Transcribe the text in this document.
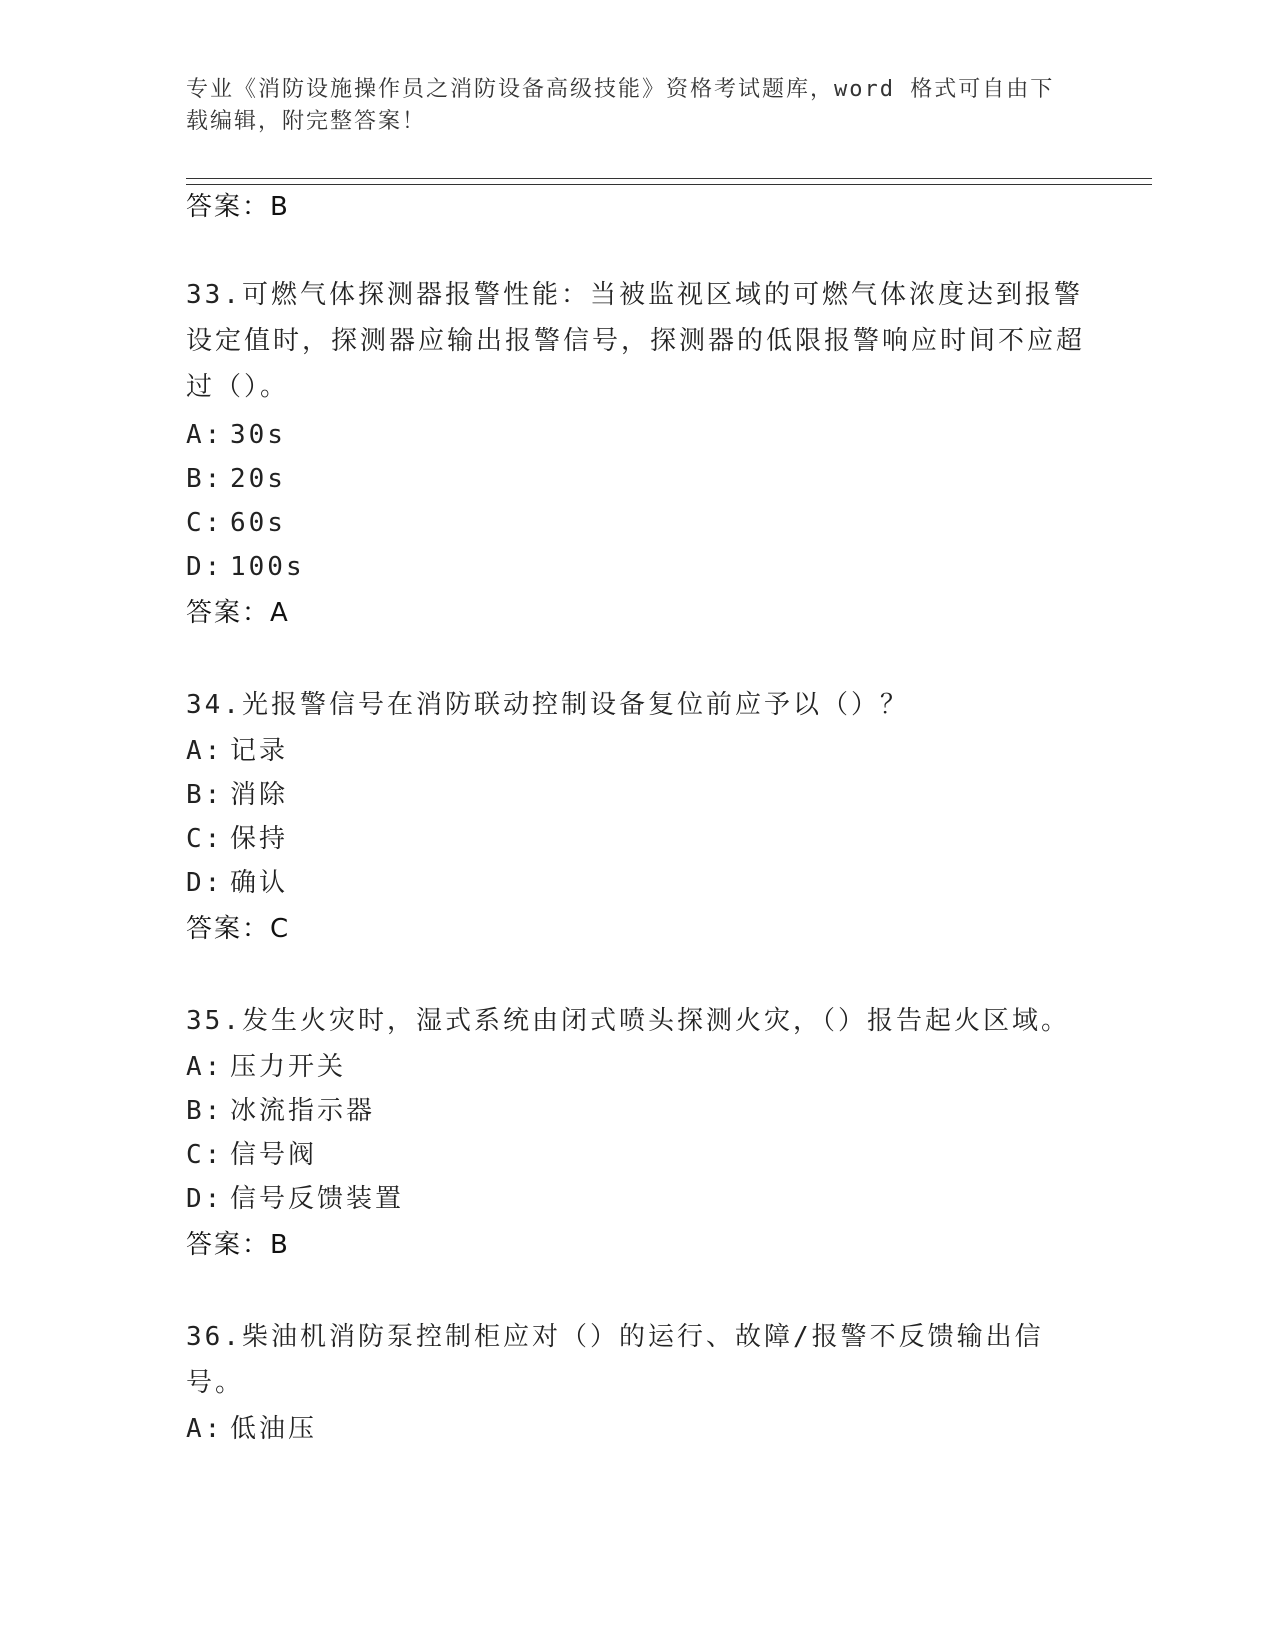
专业《消防设施操作员之消防设备高级技能》资格考试题库，word 格式可自由下载编辑，附完整答案！
答案：B
33.可燃气体探测器报警性能：当被监视区域的可燃气体浓度达到报警设定值时，探测器应输出报警信号，探测器的低限报警响应时间不应超过（）。
A: 30s
B: 20s
C: 60s
D: 100s
答案：A
34.光报警信号在消防联动控制设备复位前应予以（）？
A: 记录
B: 消除
C: 保持
D: 确认
答案：C
35.发生火灾时，湿式系统由闭式喷头探测火灾，（）报告起火区域。
A: 压力开关
B: 冰流指示器
C: 信号阀
D: 信号反馈装置
答案：B
36.柴油机消防泵控制柜应对（）的运行、故障/报警不反馈输出信号。
A: 低油压
